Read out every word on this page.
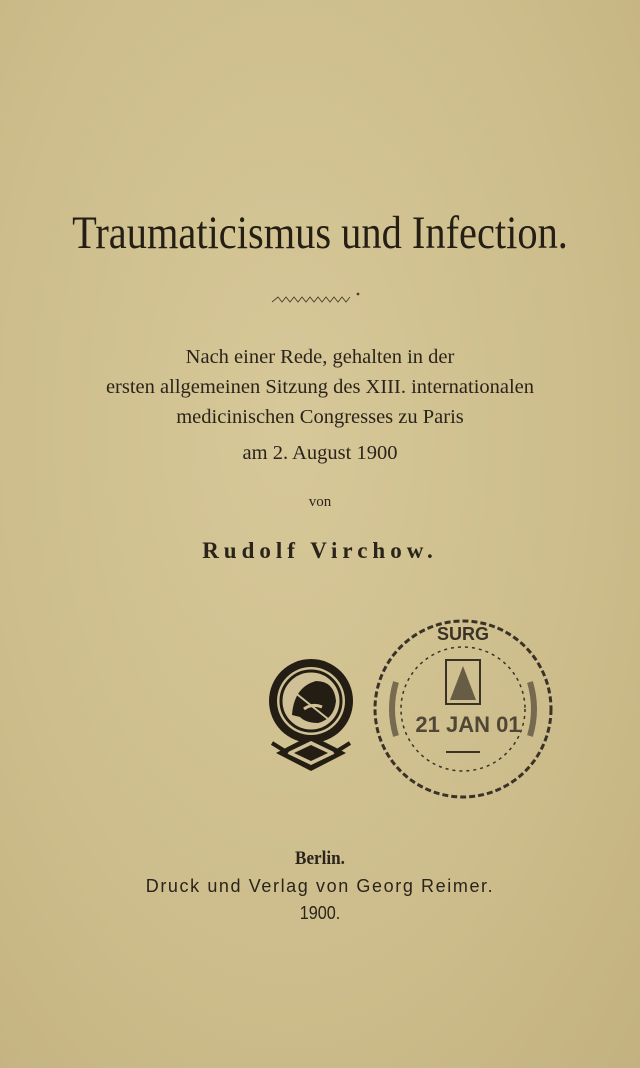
Traumaticismus und Infection.
Nach einer Rede, gehalten in der
ersten allgemeinen Sitzung des XIII. internationalen
medicinischen Congresses zu Paris
am 2. August 1900
von
Rudolf Virchow.
SURG
21 JAN 01
Berlin.
Druck und Verlag von Georg Reimer.
1900.
